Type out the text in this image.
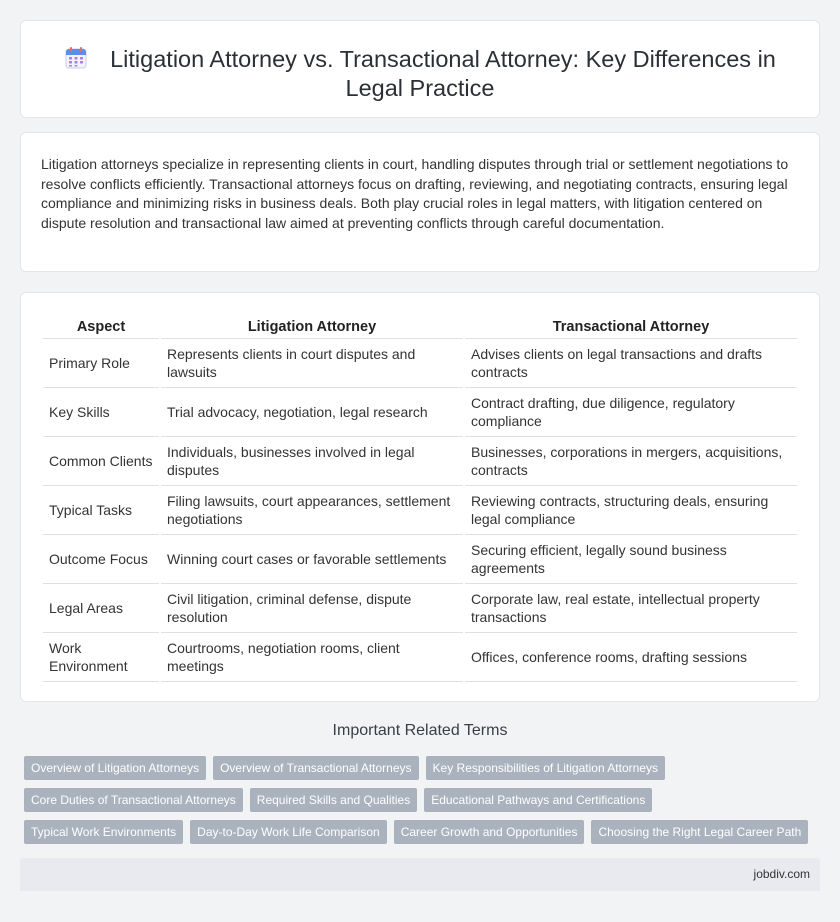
Litigation Attorney vs. Transactional Attorney: Key Differences in Legal Practice

Litigation attorneys specialize in representing clients in court, handling disputes through trial or settlement negotiations to resolve conflicts efficiently. Transactional attorneys focus on drafting, reviewing, and negotiating contracts, ensuring legal compliance and minimizing risks in business deals. Both play crucial roles in legal matters, with litigation centered on dispute resolution and transactional law aimed at preventing conflicts through careful documentation.

Aspect	Litigation Attorney	Transactional Attorney
Primary Role	Represents clients in court disputes and lawsuits	Advises clients on legal transactions and drafts contracts
Key Skills	Trial advocacy, negotiation, legal research	Contract drafting, due diligence, regulatory compliance
Common Clients	Individuals, businesses involved in legal disputes	Businesses, corporations in mergers, acquisitions, contracts
Typical Tasks	Filing lawsuits, court appearances, settlement negotiations	Reviewing contracts, structuring deals, ensuring legal compliance
Outcome Focus	Winning court cases or favorable settlements	Securing efficient, legally sound business agreements
Legal Areas	Civil litigation, criminal defense, dispute resolution	Corporate law, real estate, intellectual property transactions
Work Environment	Courtrooms, negotiation rooms, client meetings	Offices, conference rooms, drafting sessions
Important Related Terms
Overview of Litigation Attorneys	Overview of Transactional Attorneys	Key Responsibilities of Litigation Attorneys
Core Duties of Transactional Attorneys	Required Skills and Qualities	Educational Pathways and Certifications
Typical Work Environments	Day-to-Day Work Life Comparison	Career Growth and Opportunities	Choosing the Right Legal Career Path
jobdiv.com
